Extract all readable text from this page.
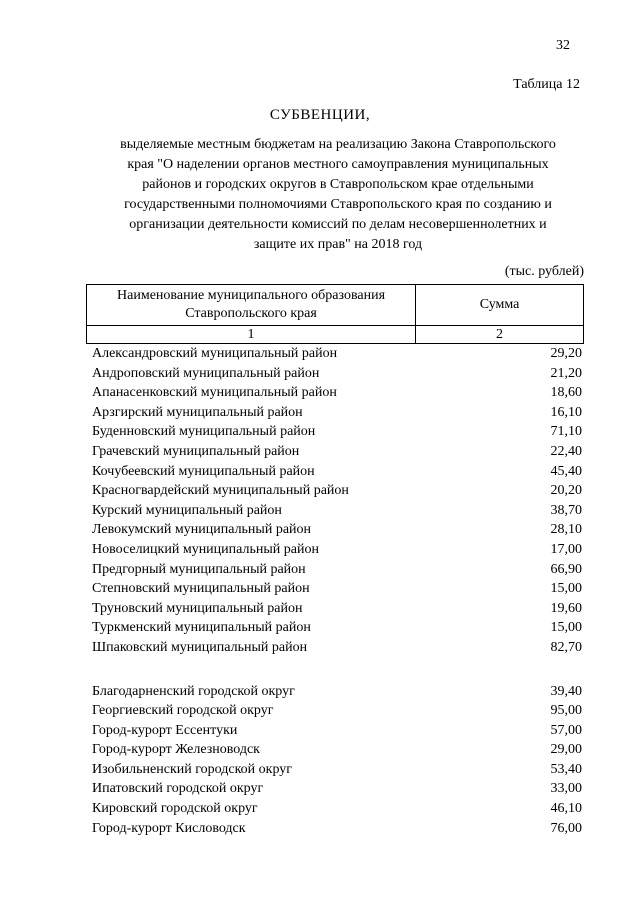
32
Таблица 12
СУБВЕНЦИИ,
выделяемые местным бюджетам на реализацию Закона Ставропольского
края "О наделении органов местного самоуправления муниципальных
районов и городских округов в Ставропольском крае отдельными
государственными полномочиями Ставропольского края по созданию и
организации деятельности комиссий по делам несовершеннолетних и
защите их прав" на 2018 год
(тыс. рублей)
Наименование муниципального образования
Ставропольского края	Сумма
1	2
Александровский муниципальный район	29,20
Андроповский муниципальный район	21,20
Апанасенковский муниципальный район	18,60
Арзгирский муниципальный район	16,10
Буденновский муниципальный район	71,10
Грачевский муниципальный район	22,40
Кочубеевский муниципальный район	45,40
Красногвардейский муниципальный район	20,20
Курский муниципальный район	38,70
Левокумский муниципальный район	28,10
Новоселицкий муниципальный район	17,00
Предгорный муниципальный район	66,90
Степновский муниципальный район	15,00
Труновский муниципальный район	19,60
Туркменский муниципальный район	15,00
Шпаковский муниципальный район	82,70
Благодарненский городской округ	39,40
Георгиевский городской округ	95,00
Город-курорт Ессентуки	57,00
Город-курорт Железноводск	29,00
Изобильненский городской округ	53,40
Ипатовский городской округ	33,00
Кировский городской округ	46,10
Город-курорт Кисловодск	76,00
